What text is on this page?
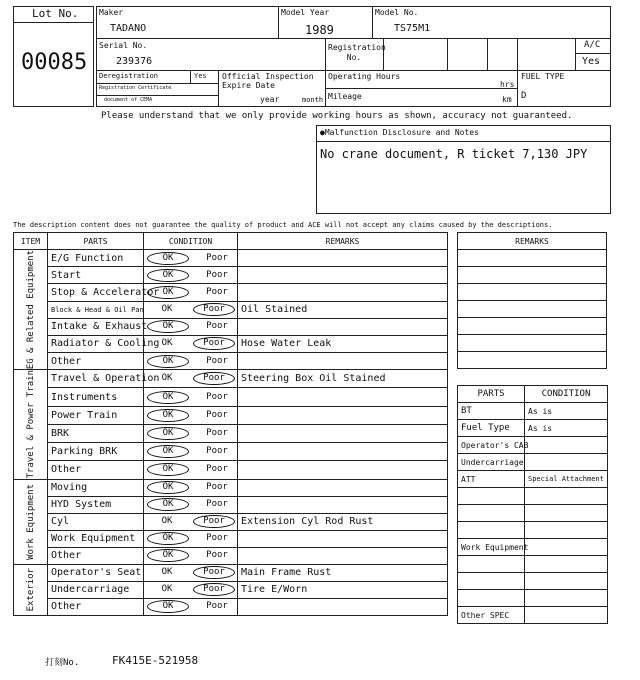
Lot No.
00085
Maker
TADANO
Model Year
1989
Model No.
TS75M1
Serial No.
239376
Registration No.
A/C
Yes
Deregistration	Yes
Registration Certificate
document of CEMA
Official Inspection Expire Date
year	month
Operating Hours
hrs
Mileage	km
FUEL TYPE
D
Please understand that we only provide working hours as shown, accuracy not guaranteed.
●Malfunction Disclosure and Notes
No crane document, R ticket 7,130 JPY
The description content does not guarantee the quality of product and ACE will not accept any claims caused by the descriptions.
ITEM	PARTS	CONDITION	REMARKS

EG & Related Equipment	E/G Function	OK Poor	
	Start	OK Poor	
	Stop & Accelerator	OK Poor	
	Block & Head & Oil Pan	OK Poor	Oil Stained
	Intake & Exhaust	OK Poor	
	Radiator & Cooling	OK Poor	Hose Water Leak
	Other	OK Poor	

Travel & Power Train	Travel & Operation	OK Poor	Steering Box Oil Stained
	Instruments	OK Poor	
	Power Train	OK Poor	
	BRK	OK Poor	
	Parking BRK	OK Poor	
	Other	OK Poor	

Work Equipment	Moving	OK Poor	
	HYD System	OK Poor	
	Cyl	OK Poor	Extension Cyl Rod Rust
	Work Equipment	OK Poor	
	Other	OK Poor	

Exterior	Operator's Seat	OK Poor	Main Frame Rust
	Undercarriage	OK Poor	Tire E/Worn
	Other	OK Poor	
REMARKS

PARTS	CONDITION
BT	As is
Fuel Type	As is
Operator's CAB	
Undercarriage	
ATT	Special Attachment

Work Equipment	

Other SPEC	
打刻No.	FK415E-521958
